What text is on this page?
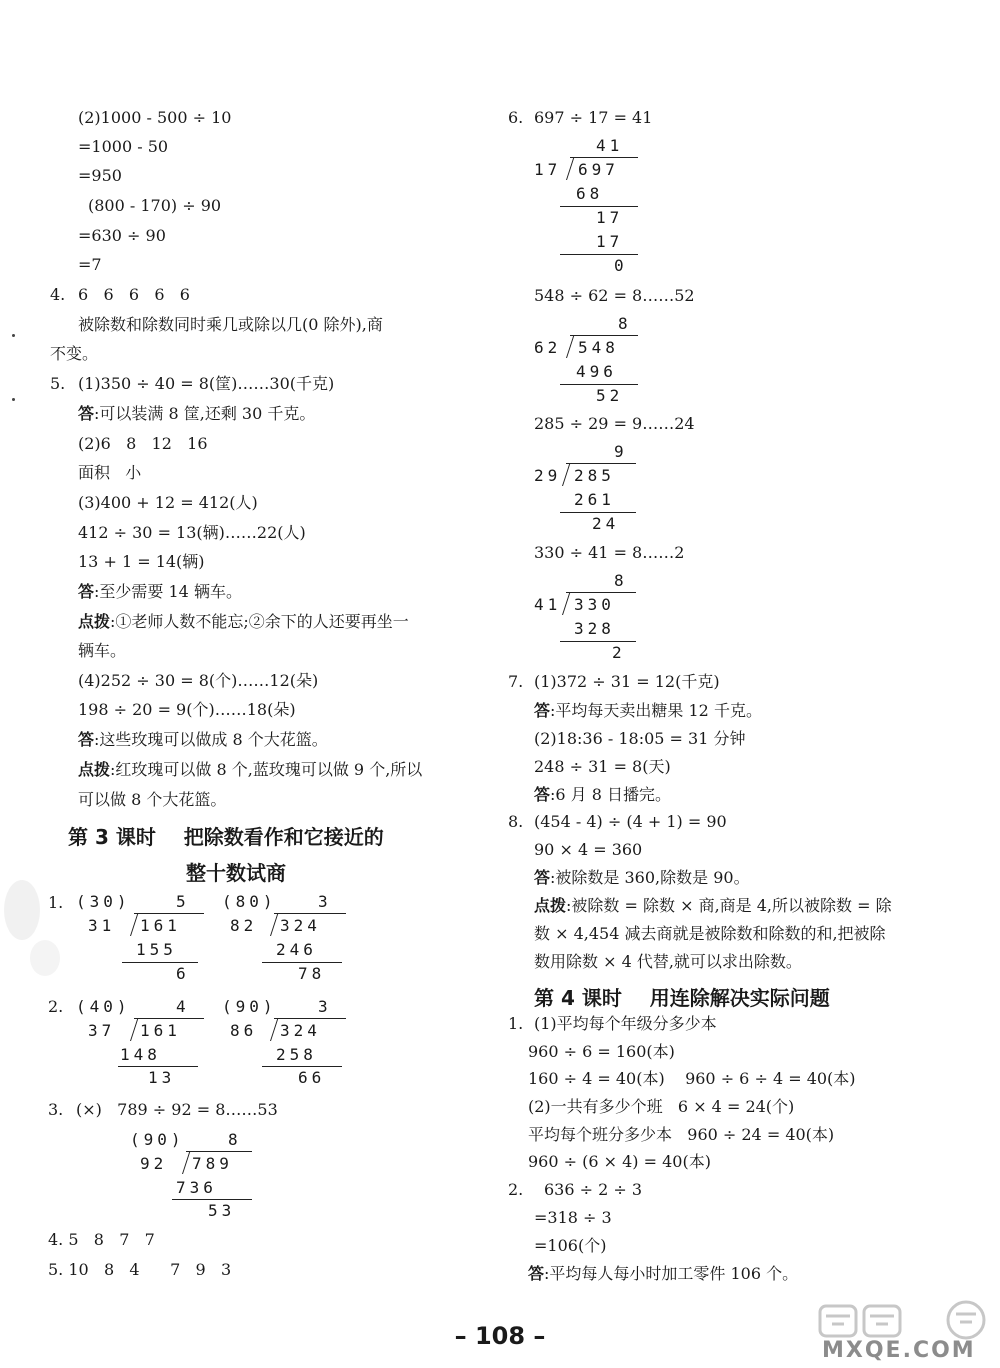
(2)1000 - 500 ÷ 10
=1000 - 50
=950
(800 - 170) ÷ 90
=630 ÷ 90
=7
4. 6   6   6   6   6
被除数和除数同时乘几或除以几(0 除外),商
不变。
5. (1)350 ÷ 40 = 8(筐)……30(千克)
答:可以装满 8 筐,还剩 30 千克。
(2)6   8   12   16
面积   小
(3)400 + 12 = 412(人)
412 ÷ 30 = 13(辆)……22(人)
13 + 1 = 14(辆)
答:至少需要 14 辆车。
点拨:①老师人数不能忘;②余下的人还要再坐一
辆车。
(4)252 ÷ 30 = 8(个)……12(朵)
198 ÷ 20 = 9(个)……18(朵)
答:这些玫瑰可以做成 8 个大花篮。
点拨:红玫瑰可以做 8 个,蓝玫瑰可以做 9 个,所以
可以做 8 个大花篮。
第 3 课时    把除数看作和它接近的
整十数试商
1. (30)	5
31 161
155
6
(80)	3
82 324
246
78
2. (40)	4
37 161
148
13
(90)	3
86 324
258
66
3. (×)   789 ÷ 92 = 8……53
(90)	8
92 789
736
53
4. 5   8   7   7
5. 10   8   4      7   9   3
6. 697 ÷ 17 = 41
41
17 697
68
17
17
0
548 ÷ 62 = 8……52
8
62 548
496
52
285 ÷ 29 = 9……24
9
29 285
261
24
330 ÷ 41 = 8……2
8
41 330
328
2
7. (1)372 ÷ 31 = 12(千克)
答:平均每天卖出糖果 12 千克。
(2)18:36 - 18:05 = 31 分钟
248 ÷ 31 = 8(天)
答:6 月 8 日播完。
8. (454 - 4) ÷ (4 + 1) = 90
90 × 4 = 360
答:被除数是 360,除数是 90。
点拨:被除数 = 除数 × 商,商是 4,所以被除数 = 除
数 × 4,454 减去商就是被除数和除数的和,把被除
数用除数 × 4 代替,就可以求出除数。
第 4 课时    用连除解决实际问题
1. (1)平均每个年级分多少本
960 ÷ 6 = 160(本)
160 ÷ 4 = 40(本)    960 ÷ 6 ÷ 4 = 40(本)
(2)一共有多少个班   6 × 4 = 24(个)
平均每个班分多少本   960 ÷ 24 = 40(本)
960 ÷ (6 × 4) = 40(本)
2. 636 ÷ 2 ÷ 3
=318 ÷ 3
=106(个)
答:平均每人每小时加工零件 106 个。
– 108 –
MXQE.COM
